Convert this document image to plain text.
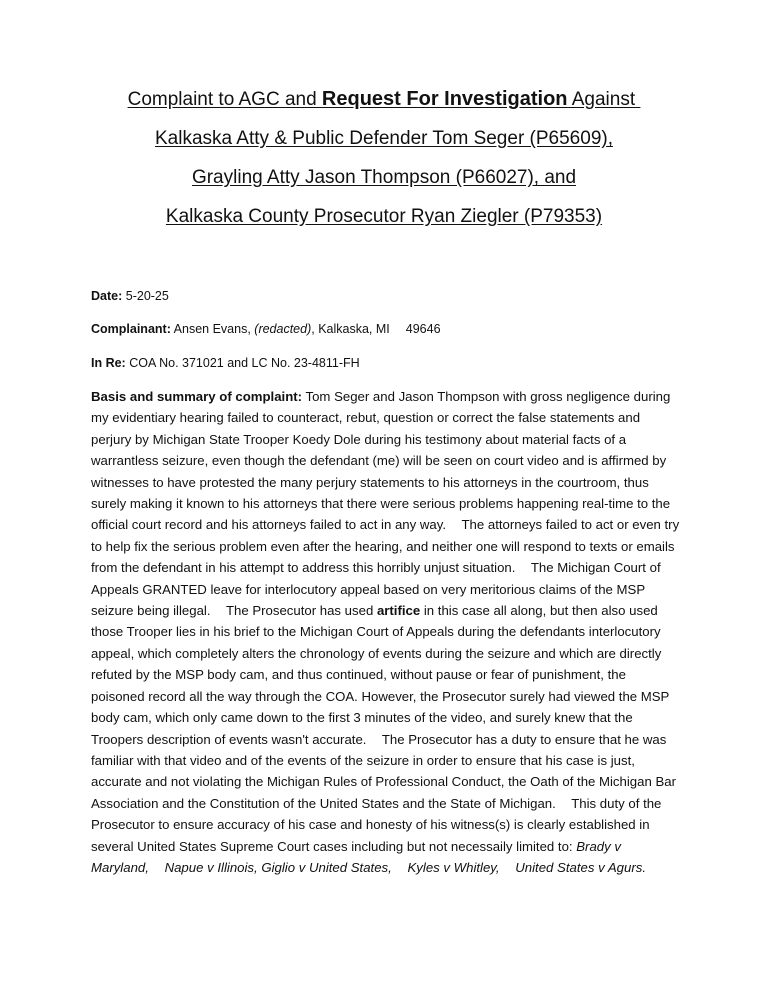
Complaint to AGC and Request For Investigation Against
Kalkaska Atty & Public Defender Tom Seger (P65609),
Grayling Atty Jason Thompson (P66027), and
Kalkaska County Prosecutor Ryan Ziegler (P79353)
Date: 5-20-25
Complainant: Ansen Evans, (redacted), Kalkaska, MI 49646
In Re: COA No. 371021 and LC No. 23-4811-FH
Basis and summary of complaint: Tom Seger and Jason Thompson with gross negligence during my evidentiary hearing failed to counteract, rebut, question or correct the false statements and perjury by Michigan State Trooper Koedy Dole during his testimony about material facts of a warrantless seizure, even though the defendant (me) will be seen on court video and is affirmed by witnesses to have protested the many perjury statements to his attorneys in the courtroom, thus surely making it known to his attorneys that there were serious problems happening real-time to the official court record and his attorneys failed to act in any way. The attorneys failed to act or even try to help fix the serious problem even after the hearing, and neither one will respond to texts or emails from the defendant in his attempt to address this horribly unjust situation. The Michigan Court of Appeals GRANTED leave for interlocutory appeal based on very meritorious claims of the MSP seizure being illegal. The Prosecutor has used artifice in this case all along, but then also used those Trooper lies in his brief to the Michigan Court of Appeals during the defendants interlocutory appeal, which completely alters the chronology of events during the seizure and which are directly refuted by the MSP body cam, and thus continued, without pause or fear of punishment, the poisoned record all the way through the COA. However, the Prosecutor surely had viewed the MSP body cam, which only came down to the first 3 minutes of the video, and surely knew that the Troopers description of events wasn't accurate. The Prosecutor has a duty to ensure that he was familiar with that video and of the events of the seizure in order to ensure that his case is just, accurate and not violating the Michigan Rules of Professional Conduct, the Oath of the Michigan Bar Association and the Constitution of the United States and the State of Michigan. This duty of the Prosecutor to ensure accuracy of his case and honesty of his witness(s) is clearly established in several United States Supreme Court cases including but not necessaily limited to: Brady v Maryland, Napue v Illinois, Giglio v United States, Kyles v Whitley, United States v Agurs.
